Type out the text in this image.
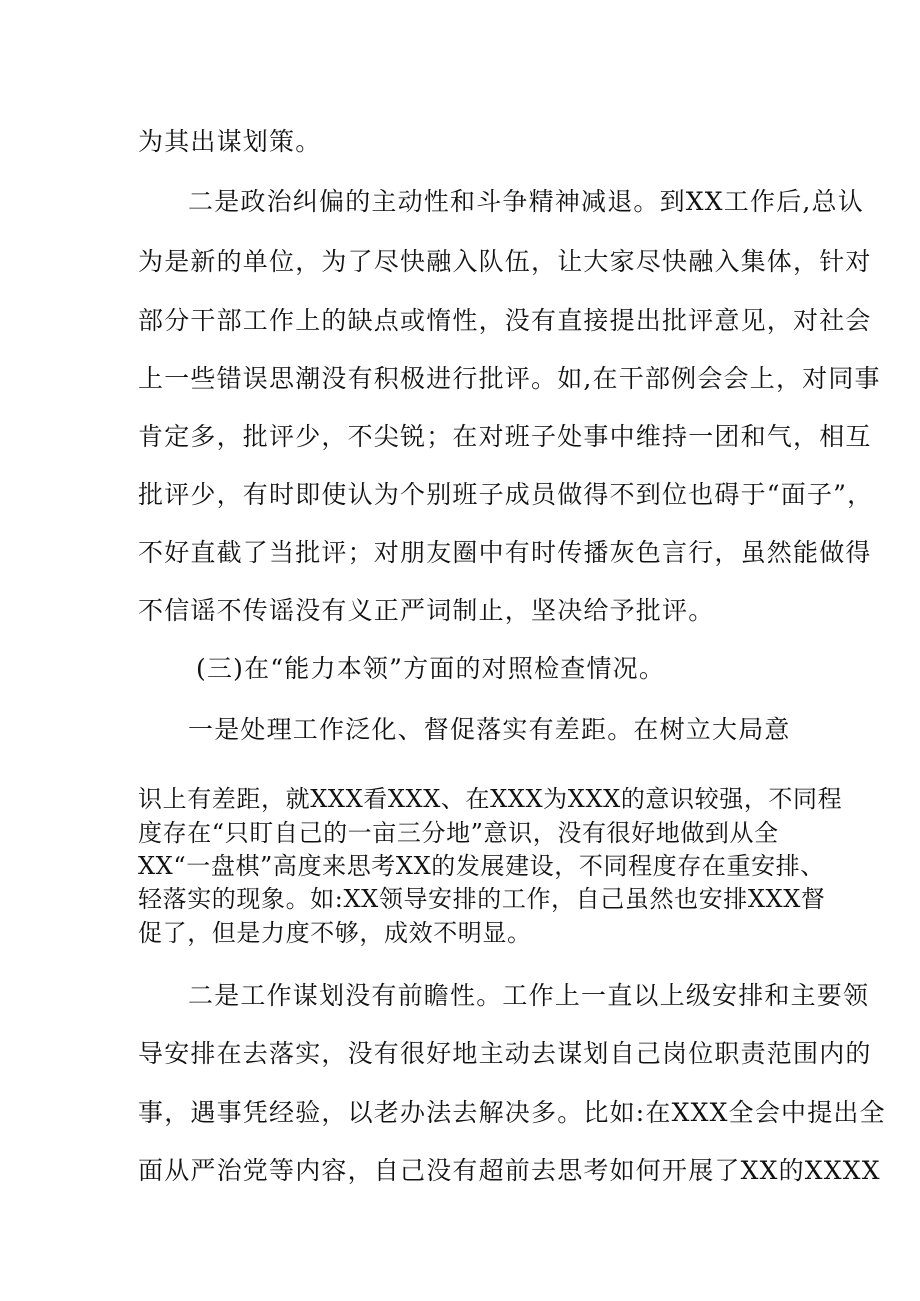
为其出谋划策。
二是政治纠偏的主动性和斗争精神减退。到XX工作后,总认
为是新的单位，为了尽快融入队伍，让大家尽快融入集体，针对
部分干部工作上的缺点或惰性，没有直接提出批评意见，对社会
上一些错误思潮没有积极进行批评。如,在干部例会会上，对同事
肯定多，批评少，不尖锐；在对班子处事中维持一团和气，相互
批评少，有时即使认为个别班子成员做得不到位也碍于“面子”，
不好直截了当批评；对朋友圈中有时传播灰色言行，虽然能做得
不信谣不传谣没有义正严词制止，坚决给予批评。
(三)在“能力本领”方面的对照检查情况。
一是处理工作泛化、督促落实有差距。在树立大局意
识上有差距，就XXX看XXX、在XXX为XXX的意识较强，不同程
度存在“只盯自己的一亩三分地”意识，没有很好地做到从全
XX“一盘棋”高度来思考XX的发展建设，不同程度存在重安排、
轻落实的现象。如:XX领导安排的工作，自己虽然也安排XXX督
促了，但是力度不够，成效不明显。
二是工作谋划没有前瞻性。工作上一直以上级安排和主要领
导安排在去落实，没有很好地主动去谋划自己岗位职责范围内的
事，遇事凭经验，以老办法去解决多。比如:在XXX全会中提出全
面从严治党等内容，自己没有超前去思考如何开展了XX的XXXX
